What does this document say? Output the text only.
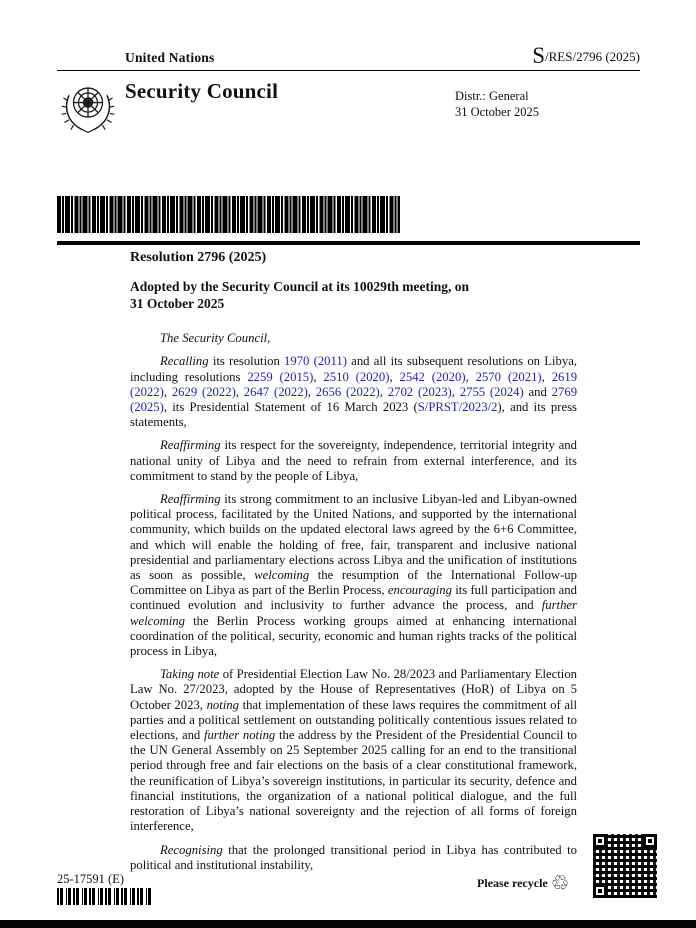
United Nations	S/RES/2796 (2025)
Security Council	Distr.: General
31 October 2025
Resolution 2796 (2025)
Adopted by the Security Council at its 10029th meeting, on
31 October 2025

The Security Council,

Recalling its resolution 1970 (2011) and all its subsequent resolutions on Libya, including resolutions 2259 (2015), 2510 (2020), 2542 (2020), 2570 (2021), 2619 (2022), 2629 (2022), 2647 (2022), 2656 (2022), 2702 (2023), 2755 (2024) and 2769 (2025), its Presidential Statement of 16 March 2023 (S/PRST/2023/2), and its press statements,

Reaffirming its respect for the sovereignty, independence, territorial integrity and national unity of Libya and the need to refrain from external interference, and its commitment to stand by the people of Libya,

Reaffirming its strong commitment to an inclusive Libyan-led and Libyan-owned political process, facilitated by the United Nations, and supported by the international community, which builds on the updated electoral laws agreed by the 6+6 Committee, and which will enable the holding of free, fair, transparent and inclusive national presidential and parliamentary elections across Libya and the unification of institutions as soon as possible, welcoming the resumption of the International Follow-up Committee on Libya as part of the Berlin Process, encouraging its full participation and continued evolution and inclusivity to further advance the process, and further welcoming the Berlin Process working groups aimed at enhancing international coordination of the political, security, economic and human rights tracks of the political process in Libya,

Taking note of Presidential Election Law No. 28/2023 and Parliamentary Election Law No. 27/2023, adopted by the House of Representatives (HoR) of Libya on 5 October 2023, noting that implementation of these laws requires the commitment of all parties and a political settlement on outstanding politically contentious issues related to elections, and further noting the address by the President of the Presidential Council to the UN General Assembly on 25 September 2025 calling for an end to the transitional period through free and fair elections on the basis of a clear constitutional framework, the reunification of Libya’s sovereign institutions, in particular its security, defence and financial institutions, the organization of a national political dialogue, and the full restoration of Libya’s national sovereignty and the rejection of all forms of foreign interference,

Recognising that the prolonged transitional period in Libya has contributed to political and institutional instability,

25-17591 (E)	Please recycle ♲
